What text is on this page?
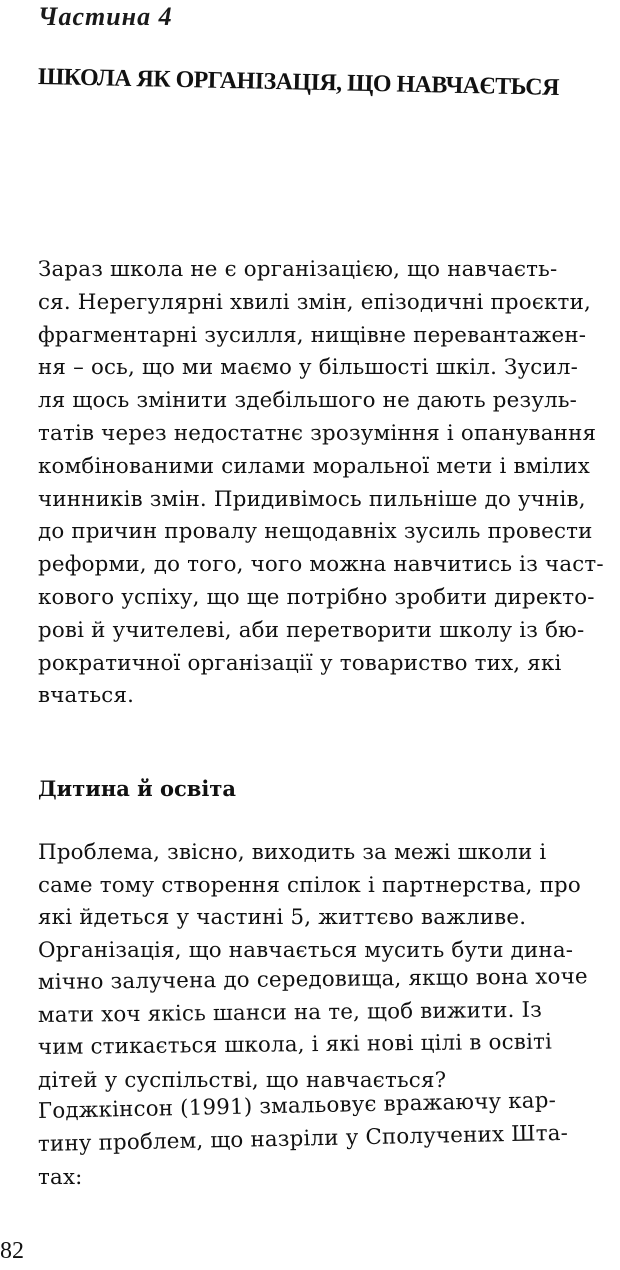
Частина 4
ШКОЛА ЯК ОРГАНІЗАЦІЯ, ЩО НАВЧАЄТЬСЯ

Зараз школа не є організацією, що навчаєть-
ся. Нерегулярні хвилі змін, епізодичні проєкти,
фрагментарні зусилля, нищівне перевантажен-
ня – ось, що ми маємо у більшості шкіл. Зусил-
ля щось змінити здебільшого не дають резуль-
татів через недостатнє зрозуміння і опанування
комбінованими силами моральної мети і вмілих
чинників змін. Придивімось пильніше до учнів,
до причин провалу нещодавніх зусиль провести
реформи, до того, чого можна навчитись із част-
кового успіху, що ще потрібно зробити директо-
рові й учителеві, аби перетворити школу із бю-
рократичної організації у товариство тих, які
вчаться.

Дитина й освіта

Проблема, звісно, виходить за межі школи і
саме тому створення спілок і партнерства, про
які йдеться у частині 5, життєво важливе.
Організація, що навчається мусить бути дина-
мічно залучена до середовища, якщо вона хоче
мати хоч якісь шанси на те, щоб вижити. Із
чим стикається школа, і які нові цілі в освіті
дітей у суспільстві, що навчається?

Годжкінсон (1991) змальовує вражаючу кар-
тину проблем, що назріли у Сполучених Шта-
тах:

82
